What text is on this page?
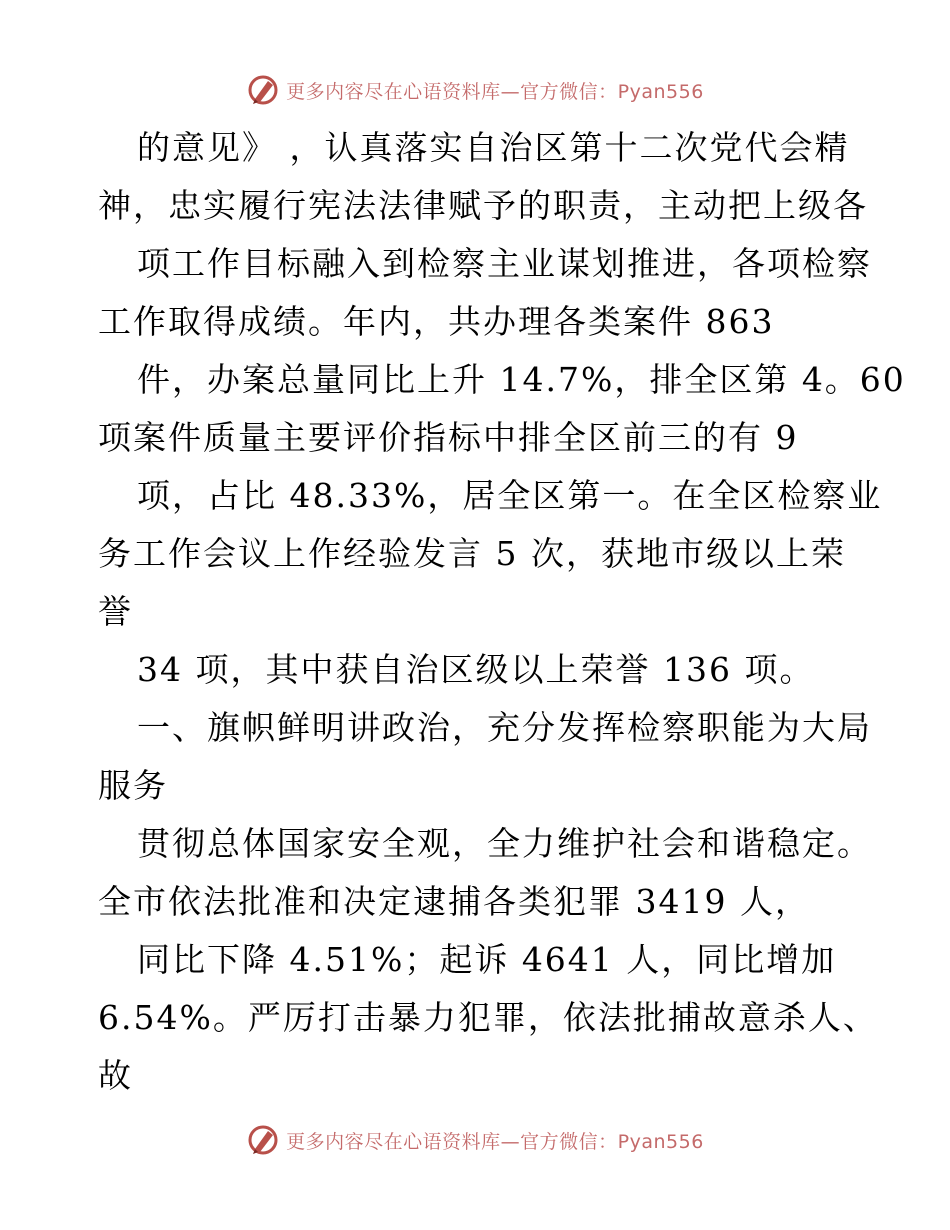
更多内容尽在心语资料库—官方微信：Pyan556
的意见》 ，认真落实自治区第十二次党代会精
神，忠实履行宪法法律赋予的职责，主动把上级各
项工作目标融入到检察主业谋划推进，各项检察
工作取得成绩。年内，共办理各类案件 863
件，办案总量同比上升 14.7%，排全区第 4。60
项案件质量主要评价指标中排全区前三的有 9
项，占比 48.33%，居全区第一。在全区检察业
务工作会议上作经验发言 5 次，获地市级以上荣
誉
34 项，其中获自治区级以上荣誉 136 项。
一、旗帜鲜明讲政治，充分发挥检察职能为大局
服务
贯彻总体国家安全观，全力维护社会和谐稳定。
全市依法批准和决定逮捕各类犯罪 3419 人，
同比下降 4.51%；起诉 4641 人，同比增加
6.54%。严厉打击暴力犯罪，依法批捕故意杀人、
故
更多内容尽在心语资料库—官方微信：Pyan556
